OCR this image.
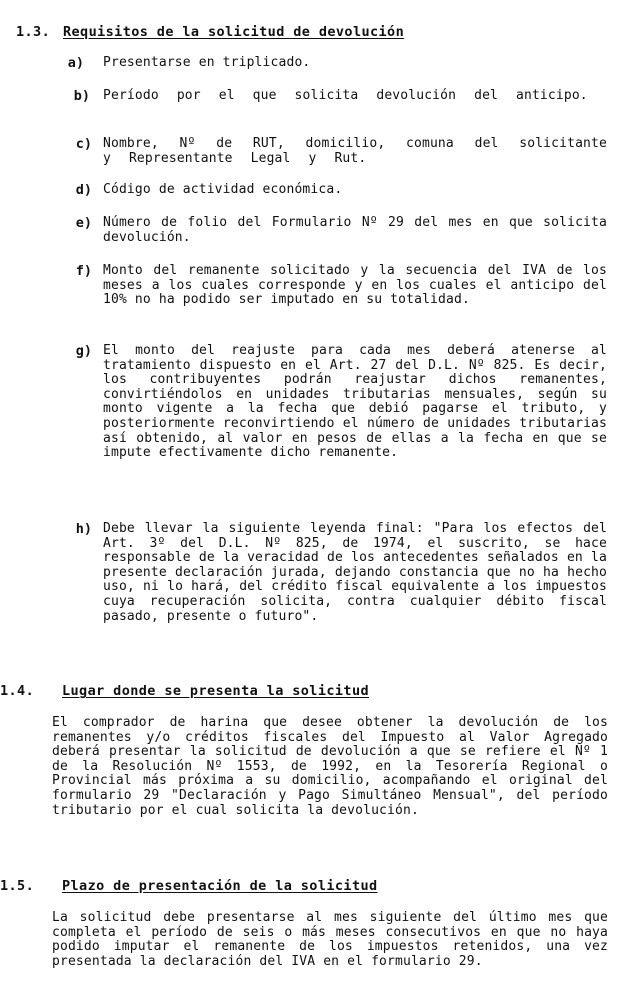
1.3. Requisitos de la solicitud de devolución
a) Presentarse en triplicado.
b) Período por el que solicita devolución del anticipo.
c) Nombre, Nº de RUT, domicilio, comuna del solicitante y Representante Legal y Rut.
d) Código de actividad económica.
e) Número de folio del Formulario Nº 29 del mes en que solicita devolución.
f) Monto del remanente solicitado y la secuencia del IVA de los meses a los cuales corresponde y en los cuales el anticipo del 10% no ha podido ser imputado en su totalidad.
g) El monto del reajuste para cada mes deberá atenerse al tratamiento dispuesto en el Art. 27 del D.L. Nº 825. Es decir, los contribuyentes podrán reajustar dichos remanentes, convirtiéndolos en unidades tributarias mensuales, según su monto vigente a la fecha que debió pagarse el tributo, y posteriormente reconvirtiendo el número de unidades tributarias así obtenido, al valor en pesos de ellas a la fecha en que se impute efectivamente dicho remanente.
h) Debe llevar la siguiente leyenda final: "Para los efectos del Art. 3º del D.L. Nº 825, de 1974, el suscrito, se hace responsable de la veracidad de los antecedentes señalados en la presente declaración jurada, dejando constancia que no ha hecho uso, ni lo hará, del crédito fiscal equivalente a los impuestos cuya recuperación solicita, contra cualquier débito fiscal pasado, presente o futuro".
1.4. Lugar donde se presenta la solicitud
El comprador de harina que desee obtener la devolución de los remanentes y/o créditos fiscales del Impuesto al Valor Agregado deberá presentar la solicitud de devolución a que se refiere el Nº 1 de la Resolución Nº 1553, de 1992, en la Tesorería Regional o Provincial más próxima a su domicilio, acompañando el original del formulario 29 "Declaración y Pago Simultáneo Mensual", del período tributario por el cual solicita la devolución.
1.5. Plazo de presentación de la solicitud
La solicitud debe presentarse al mes siguiente del último mes que completa el período de seis o más meses consecutivos en que no haya podido imputar el remanente de los impuestos retenidos, una vez presentada la declaración del IVA en el formulario 29.
